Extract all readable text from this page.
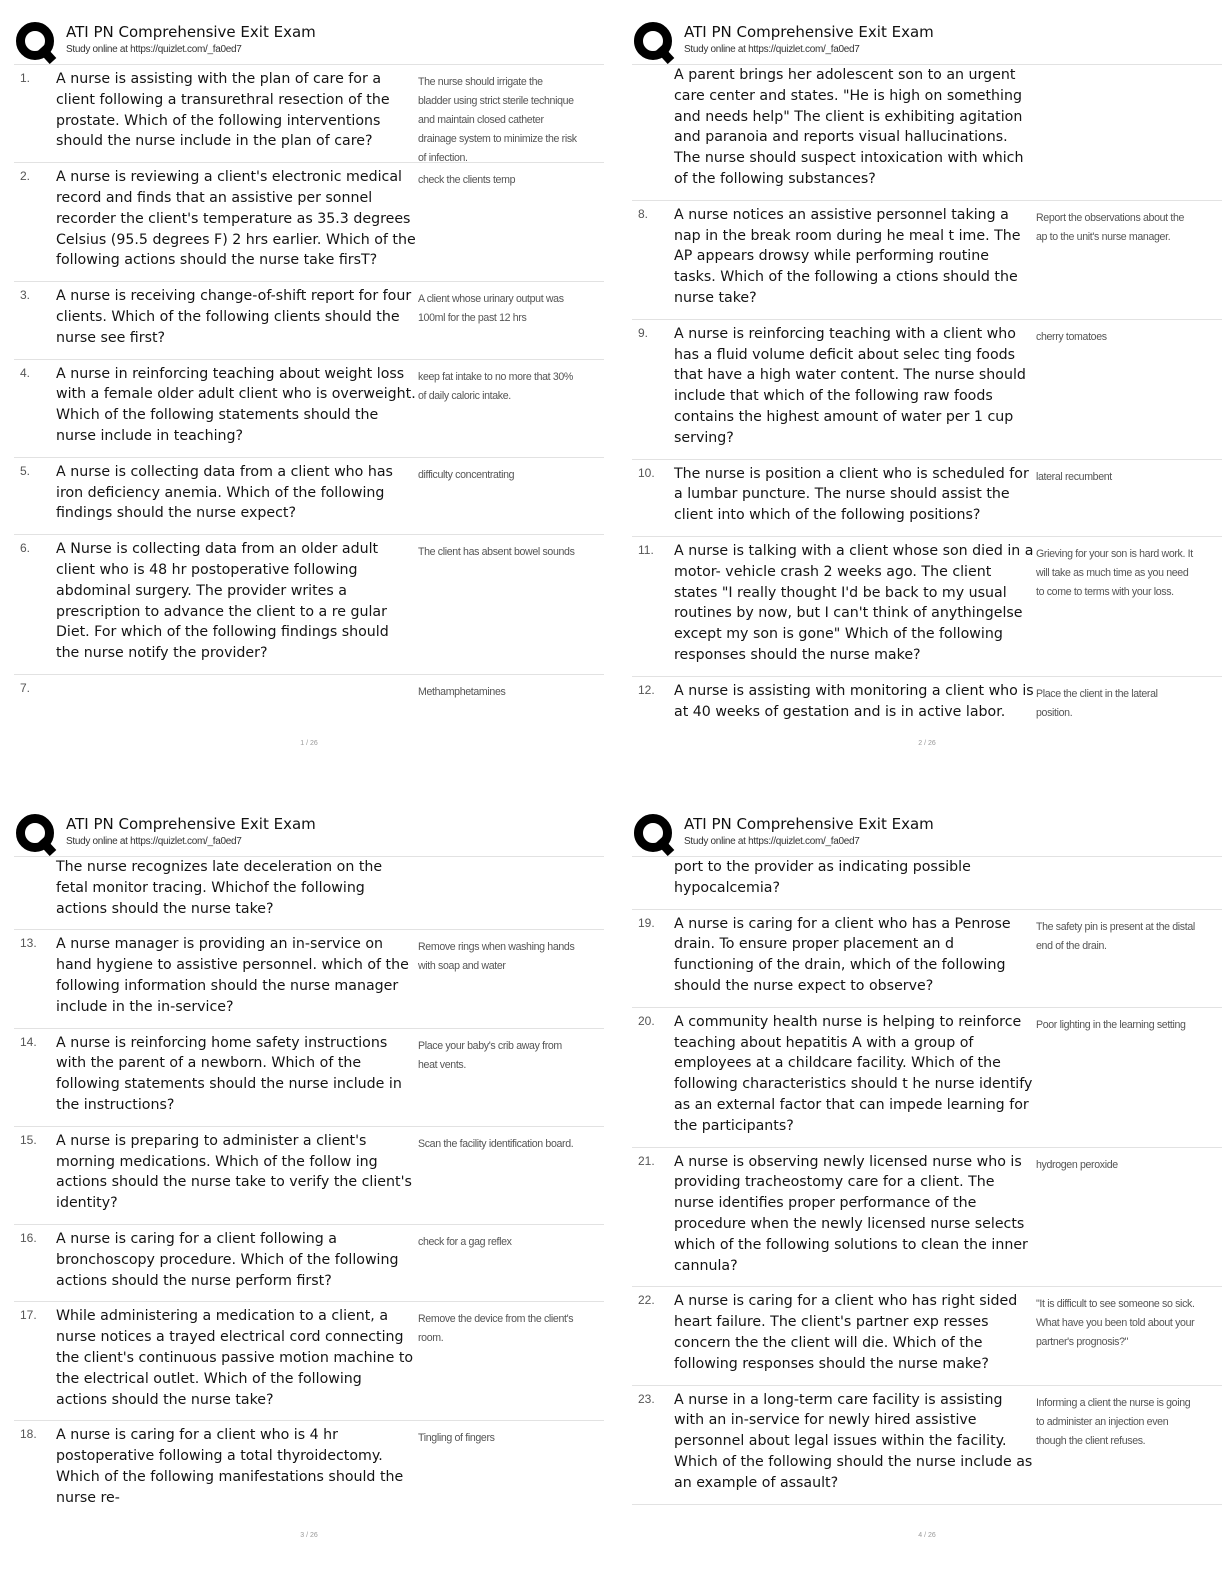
ATI PN Comprehensive Exit Exam
Study online at https://quizlet.com/_fa0ed7
1. A nurse is assisting with the plan of care for a client following a transurethral resection of the prostate. Which of the following interventions should the nurse include in the plan of care?
The nurse should irrigate the bladder using strict sterile technique and maintain closed catheter drainage system to minimize the risk of infection.
2. A nurse is reviewing a client's electronic medical record and finds that an assistive per sonnel recorder the client's temperature as 35.3 degrees Celsius (95.5 degrees F) 2 hrs earlier. Which of the following actions should the nurse take firsT?
check the clients temp
3. A nurse is receiving change-of-shift report for four clients. Which of the following clients should the nurse see first?
A client whose urinary output was 100ml for the past 12 hrs
4. A nurse in reinforcing teaching about weight loss with a female older adult client who is overweight. Which of the following statements should the nurse include in teaching?
keep fat intake to no more that 30% of daily caloric intake.
5. A nurse is collecting data from a client who has iron deficiency anemia. Which of the following findings should the nurse expect?
difficulty concentrating
6. A Nurse is collecting data from an older adult client who is 48 hr postoperative following abdominal surgery. The provider writes a prescription to advance the client to a re gular Diet. For which of the following findings should the nurse notify the provider?
The client has absent bowel sounds
7.	Methamphetamines
1 / 26
ATI PN Comprehensive Exit Exam
Study online at https://quizlet.com/_fa0ed7
A parent brings her adolescent son to an urgent care center and states. "He is high on something and needs help" The client is exhibiting agitation and paranoia and reports visual hallucinations. The nurse should suspect intoxication with which of the following substances?
8. A nurse notices an assistive personnel taking a nap in the break room during he meal t ime. The AP appears drowsy while performing routine tasks. Which of the following a ctions should the nurse take?
Report the observations about the ap to the unit's nurse manager.
9. A nurse is reinforcing teaching with a client who has a fluid volume deficit about selec ting foods that have a high water content. The nurse should include that which of the following raw foods contains the highest amount of water per 1 cup serving?
cherry tomatoes
10. The nurse is position a client who is scheduled for a lumbar puncture. The nurse should assist the client into which of the following positions?
lateral recumbent
11. A nurse is talking with a client whose son died in a motor- vehicle crash 2 weeks ago. The client states "I really thought I'd be back to my usual routines by now, but I can't think of anythingelse except my son is gone" Which of the following responses should the nurse make?
Grieving for your son is hard work. It will take as much time as you need to come to terms with your loss.
12. A nurse is assisting with monitoring a client who is at 40 weeks of gestation and is in active labor.
Place the client in the lateral position.
2 / 26
ATI PN Comprehensive Exit Exam
Study online at https://quizlet.com/_fa0ed7
The nurse recognizes late deceleration on the fetal monitor tracing. Whichof the following actions should the nurse take?
13. A nurse manager is providing an in-service on hand hygiene to assistive personnel. which of the following information should the nurse manager include in the in-service?
Remove rings when washing hands with soap and water
14. A nurse is reinforcing home safety instructions with the parent of a newborn. Which of the following statements should the nurse include in the instructions?
Place your baby's crib away from heat vents.
15. A nurse is preparing to administer a client's morning medications. Which of the follow ing actions should the nurse take to verify the client's identity?
Scan the facility identification board.
16. A nurse is caring for a client following a bronchoscopy procedure. Which of the following actions should the nurse perform first?
check for a gag reflex
17. While administering a medication to a client, a nurse notices a trayed electrical cord connecting the client's continuous passive motion machine to the electrical outlet. Which of the following actions should the nurse take?
Remove the device from the client's room.
18. A nurse is caring for a client who is 4 hr postoperative following a total thyroidectomy. Which of the following manifestations should the nurse re-
Tingling of fingers
3 / 26
ATI PN Comprehensive Exit Exam
Study online at https://quizlet.com/_fa0ed7
port to the provider as indicating possible hypocalcemia?
19. A nurse is caring for a client who has a Penrose drain. To ensure proper placement an d functioning of the drain, which of the following should the nurse expect to observe?
The safety pin is present at the distal end of the drain.
20. A community health nurse is helping to reinforce teaching about hepatitis A with a group of employees at a childcare facility. Which of the following characteristics should t he nurse identify as an external factor that can impede learning for the participants?
Poor lighting in the learning setting
21. A nurse is observing newly licensed nurse who is providing tracheostomy care for a client. The nurse identifies proper performance of the procedure when the newly licensed nurse selects which of the following solutions to clean the inner cannula?
hydrogen peroxide
22. A nurse is caring for a client who has right sided heart failure. The client's partner exp resses concern the the client will die. Which of the following responses should the nurse make?
"It is difficult to see someone so sick. What have you been told about your partner's prognosis?"
23. A nurse in a long-term care facility is assisting with an in-service for newly hired assistive personnel about legal issues within the facility. Which of the following should the nurse include as an example of assault?
Informing a client the nurse is going to administer an injection even though the client refuses.
4 / 26
